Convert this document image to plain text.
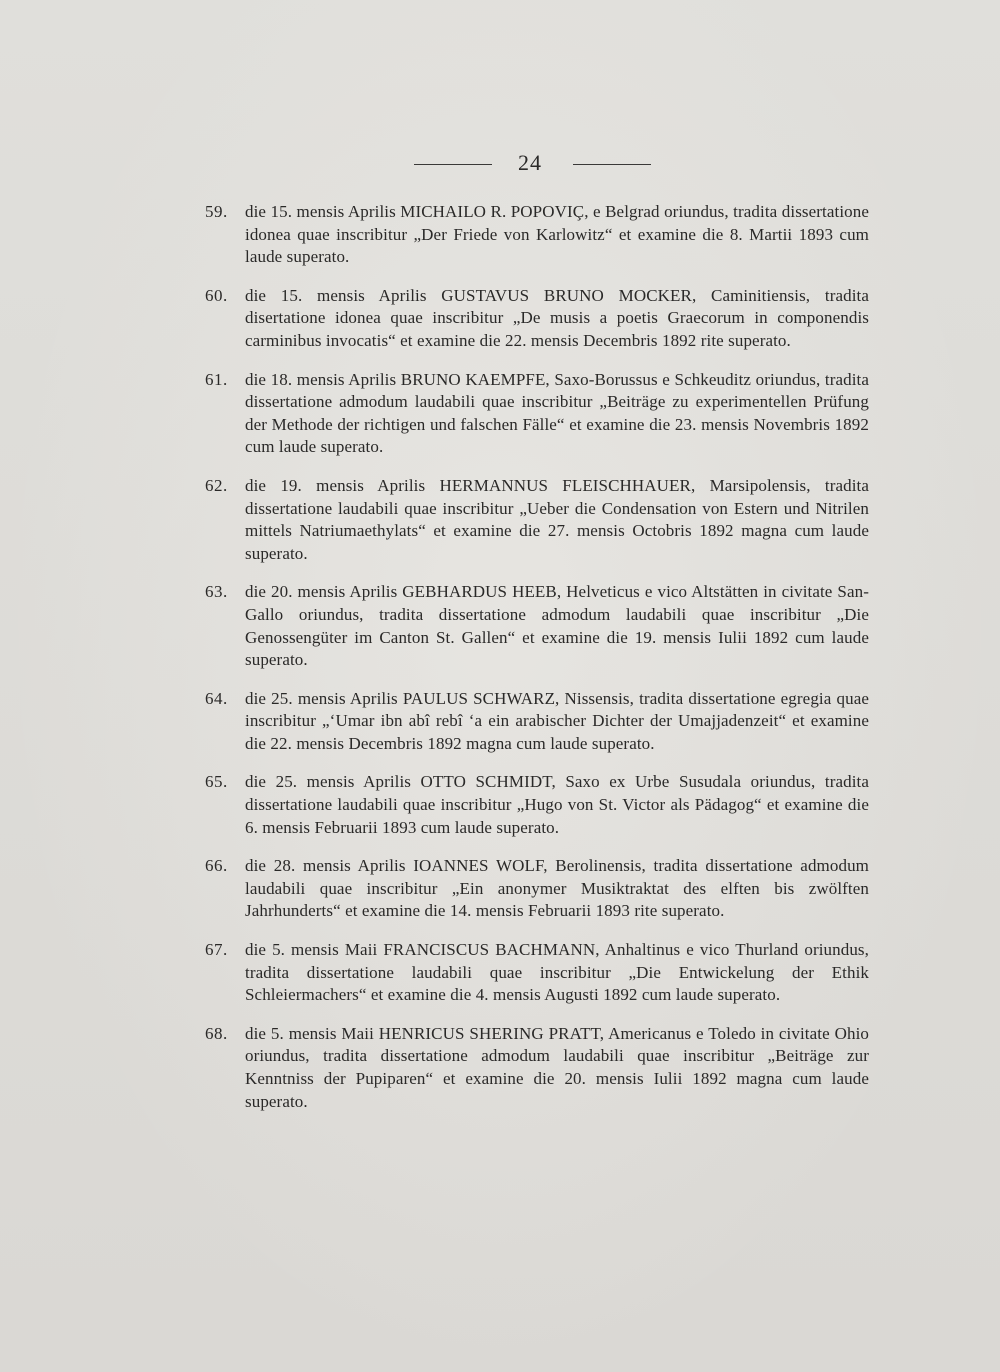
24
59.	die 15. mensis Aprilis MICHAILO R. POPOVIÇ, e Belgrad oriundus, tradita dissertatione idonea quae inscribitur „Der Friede von Karlowitz“ et examine die 8. Martii 1893 cum laude superato.
60.	die 15. mensis Aprilis GUSTAVUS BRUNO MOCKER, Caminitiensis, tradita disertatione idonea quae inscribitur „De musis a poetis Graecorum in componendis carminibus invocatis“ et examine die 22. mensis Decembris 1892 rite superato.
61.	die 18. mensis Aprilis BRUNO KAEMPFE, Saxo-Borussus e Schkeuditz oriundus, tradita dissertatione admodum laudabili quae inscribitur „Beiträge zu experimentellen Prüfung der Methode der richtigen und falschen Fälle“ et examine die 23. mensis Novembris 1892 cum laude superato.
62.	die 19. mensis Aprilis HERMANNUS FLEISCHHAUER, Marsipolensis, tradita dissertatione laudabili quae inscribitur „Ueber die Condensation von Estern und Nitrilen mittels Natriumaethylats“ et examine die 27. mensis Octobris 1892 magna cum laude superato.
63.	die 20. mensis Aprilis GEBHARDUS HEEB, Helveticus e vico Altstätten in civitate San-Gallo oriundus, tradita dissertatione admodum laudabili quae inscribitur „Die Genossengüter im Canton St. Gallen“ et examine die 19. mensis Iulii 1892 cum laude superato.
64.	die 25. mensis Aprilis PAULUS SCHWARZ, Nissensis, tradita dissertatione egregia quae inscribitur „‘Umar ibn abî rebî ‘a ein arabischer Dichter der Umajjadenzeit“ et examine die 22. mensis Decembris 1892 magna cum laude superato.
65.	die 25. mensis Aprilis OTTO SCHMIDT, Saxo ex Urbe Susudala oriundus, tradita dissertatione laudabili quae inscribitur „Hugo von St. Victor als Pädagog“ et examine die 6. mensis Februarii 1893 cum laude superato.
66.	die 28. mensis Aprilis IOANNES WOLF, Berolinensis, tradita dissertatione admodum laudabili quae inscribitur „Ein anonymer Musiktraktat des elften bis zwölften Jahrhunderts“ et examine die 14. mensis Februarii 1893 rite superato.
67.	die 5. mensis Maii FRANCISCUS BACHMANN, Anhaltinus e vico Thurland oriundus, tradita dissertatione laudabili quae inscribitur „Die Entwickelung der Ethik Schleiermachers“ et examine die 4. mensis Augusti 1892 cum laude superato.
68.	die 5. mensis Maii HENRICUS SHERING PRATT, Americanus e Toledo in civitate Ohio oriundus, tradita dissertatione admodum laudabili quae inscribitur „Beiträge zur Kenntniss der Pupiparen“ et examine die 20. mensis Iulii 1892 magna cum laude superato.
